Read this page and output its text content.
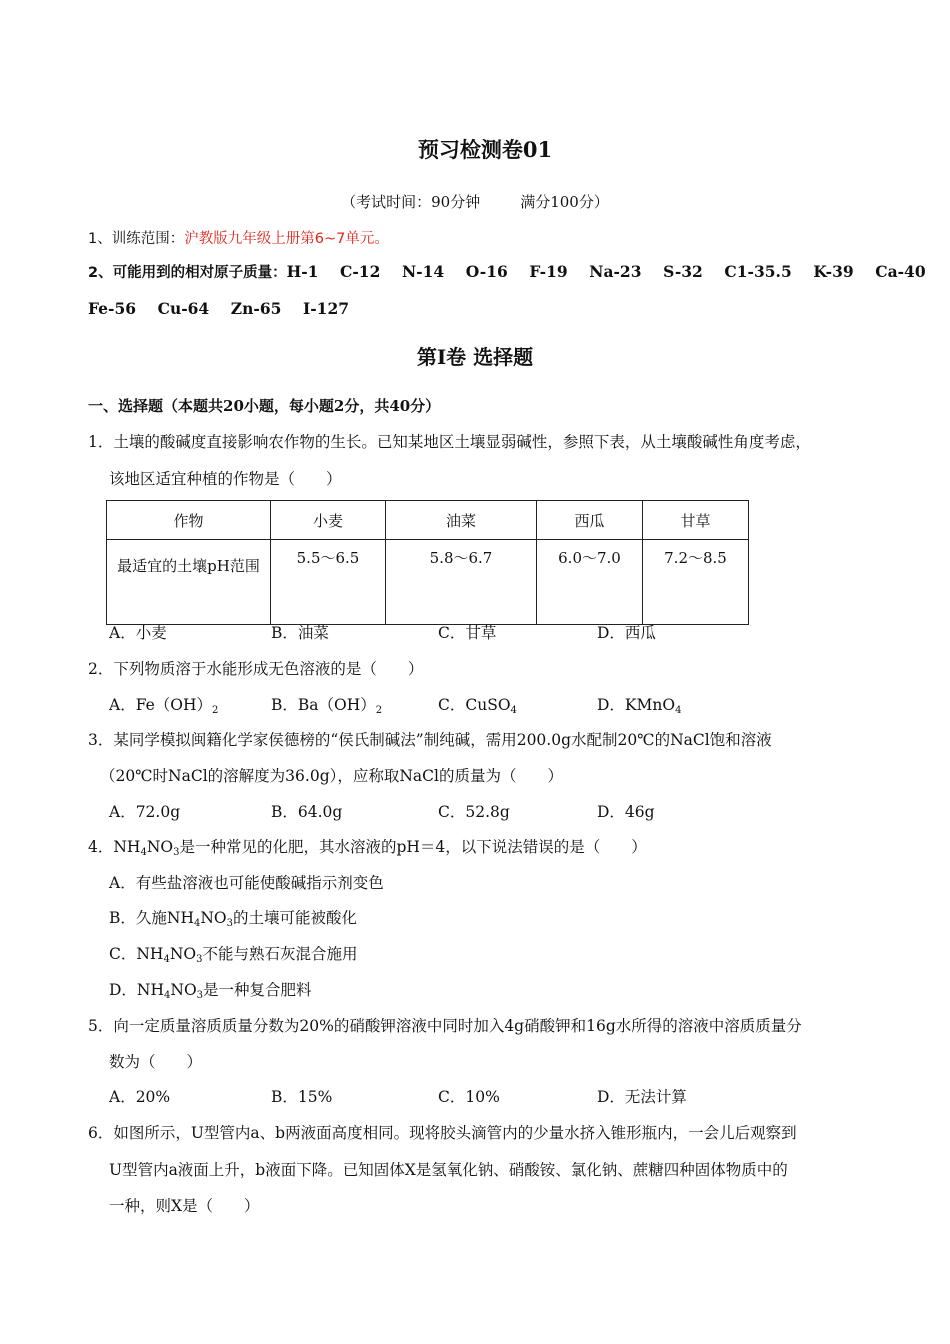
预习检测卷01
（考试时间：90分钟	满分100分）
1、训练范围：沪教版九年级上册第6~7单元。
2、可能用到的相对原子质量：H-1    C-12    N-14    O-16    F-19    Na-23    S-32    C1-35.5    K-39    Ca-40
Fe-56    Cu-64    Zn-65    I-127
第Ⅰ卷 选择题
一、选择题（本题共20小题，每小题2分，共40分）
1．土壤的酸碱度直接影响农作物的生长。已知某地区土壤显弱碱性，参照下表，从土壤酸碱性角度考虑，
该地区适宜种植的作物是（　　）
作物	小麦	油菜	西瓜	甘草
最适宜的土壤pH范围	5.5～6.5	5.8～6.7	6.0～7.0	7.2～8.5
A．小麦	B．油菜	C．甘草	D．西瓜
2．下列物质溶于水能形成无色溶液的是（　　）
A．$Fe(OH)_2$	B．$Ba(OH)_2$	C．CuSO$_4$	D．KMnO$_4$
3．某同学模拟闽籍化学家侯德榜的“侯氏制碱法”制纯碱，需用200.0g水配制20℃的NaCl饱和溶液
（20℃时NaCl的溶解度为36.0g），应称取NaCl的质量为（　　）
A．72.0g	B．64.0g	C．52.8g	D．46g
4．$NH_4NO_3$是一种常见的化肥，其水溶液的pH＝4，以下说法错误的是（　　）
A．有些盐溶液也可能使酸碱指示剂变色
B．久施$NH_4NO_3$的土壤可能被酸化
C．$NH_4NO_3$不能与熟石灰混合施用
D．$NH_4NO_3$是一种复合肥料
5．向一定质量溶质质量分数为20%的硝酸钾溶液中同时加入4g硝酸钾和16g水所得的溶液中溶质质量分
数为（　　）
A．20%	B．15%	C．10%	D．无法计算
6．如图所示，U型管内a、b两液面高度相同。现将胶头滴管内的少量水挤入锥形瓶内，一会儿后观察到
U型管内a液面上升，b液面下降。已知固体X是氢氧化钠、硝酸铵、氯化钠、蔗糖四种固体物质中的
一种，则X是（　　）
